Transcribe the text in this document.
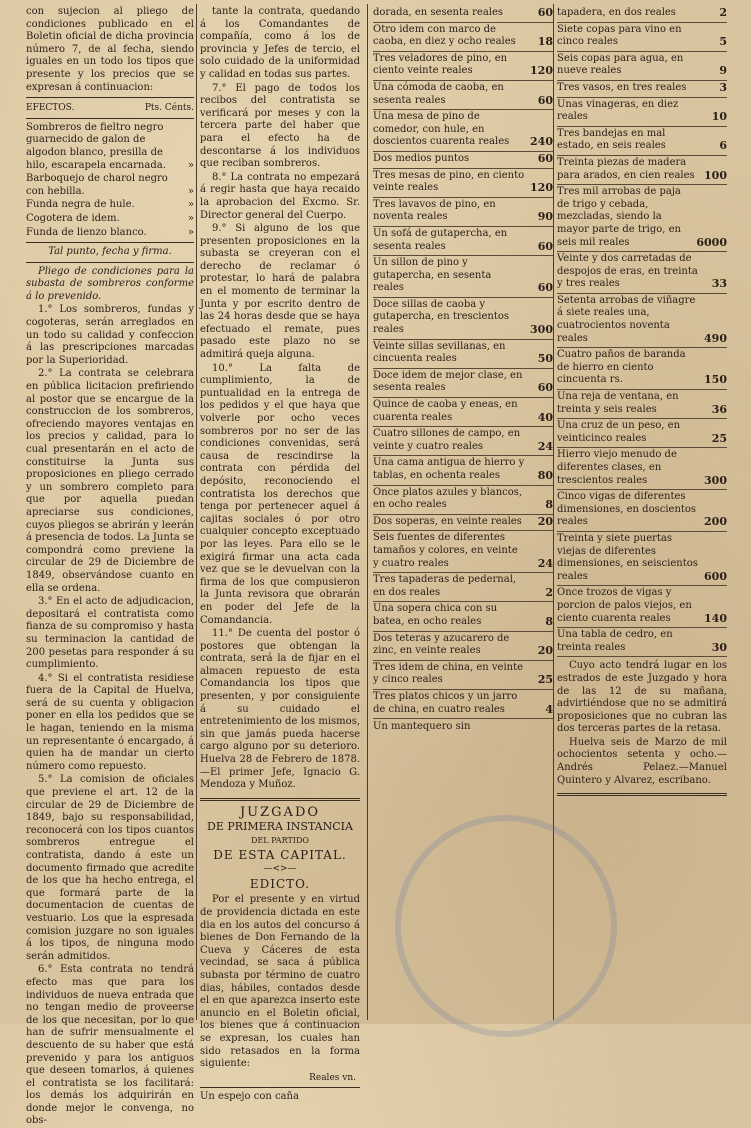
con sujecion al pliego de condiciones publicado en el Boletin oficial de dicha provincia número 7, de al fecha, siendo iguales en un todo los tipos que presente y los precios que se expresan á continuacion:

EFECTOS.	Pts. Cénts.
Sombreros de fieltro negro guarnecido de galon de algodon blanco, presilla de hilo, escarapela encarnada.	»
Barboquejo de charol negro con hebilla.	»
Funda negra de hule.	»
Cogotera de idem.	»
Funda de lienzo blanco.	»

Tal punto, fecha y firma.

Pliego de condiciones para la subasta de sombreros conforme á lo prevenido.

1.° Los sombreros, fundas y cogoteras, serán arreglados en un todo su calidad y confeccion á las prescripciones marcadas por la Superioridad.

2.° La contrata se celebrara en pública licitacion prefiriendo al postor que se encargue de la construccion de los sombreros, ofreciendo mayores ventajas en los precios y calidad, para lo cual presentarán en el acto de constituirse la Junta sus proposiciones en pliego cerrado y un sombrero completo para que por aquella puedan apreciarse sus condiciones, cuyos pliegos se abrirán y leerán á presencia de todos. La Junta se compondrá como previene la circular de 29 de Diciembre de 1849, observándose cuanto en ella se ordena.

3.° En el acto de adjudicacion, depositará el contratista como fianza de su compromiso y hasta su terminacion la cantidad de 200 pesetas para responder á su cumplimiento.

4.° Si el contratista residiese fuera de la Capital de Huelva, será de su cuenta y obligacion poner en ella los pedidos que se le hagan, teniendo en la misma un representante ó encargado, á quien ha de mandar un cierto número como repuesto.

5.° La comision de oficiales que previene el art. 12 de la circular de 29 de Diciembre de 1849, bajo su responsabilidad, reconocerá con los tipos cuantos sombreros entregue el contratista, dando á este un documento firmado que acredite de los que ha hecho entrega, el que formará parte de la documentacion de cuentas de vestuario. Los que la espresada comision juzgare no son iguales á los tipos, de ninguna modo serán admitidos.

6.° Esta contrata no tendrá efecto mas que para los individuos de nueva entrada que no tengan medio de proveerse de los que necesitan, por lo que han de sufrir mensualmente el descuento de su haber que está prevenido y para los antiguos que deseen tomarlos, á quienes el contratista se los facilitará: los demás los adquirirán en donde mejor le convenga, no obs-

tante la contrata, quedando á los Comandantes de compañía, como á los de provincia y Jefes de tercio, el solo cuidado de la uniformidad y calidad en todas sus partes.

7.° El pago de todos los recibos del contratista se verificará por meses y con la tercera parte del haber que para el efecto ha de descontarse á los individuos que reciban sombreros.

8.° La contrata no empezará á regir hasta que haya recaido la aprobacion del Excmo. Sr. Director general del Cuerpo.

9.° Si alguno de los que presenten proposiciones en la subasta se creyeran con el derecho de reclamar ó protestar, lo hará de palabra en el momento de terminar la Junta y por escrito dentro de las 24 horas desde que se haya efectuado el remate, pues pasado este plazo no se admitirá queja alguna.

10.° La falta de cumplimiento, la de puntualidad en la entrega de los pedidos y el que haya que volverle por ocho veces sombreros por no ser de las condiciones convenidas, será causa de rescindirse la contrata con pérdida del depósito, reconociendo el contratista los derechos que tenga por pertenecer aquel á cajitas sociales ó por otro cualquier concepto exceptuado por las leyes. Para ello se le exigirá firmar una acta cada vez que se le devuelvan con la firma de los que compusieron la Junta revisora que obrarán en poder del Jefe de la Comandancia.

11.° De cuenta del postor ó postores que obtengan la contrata, será la de fijar en el almacen repuesto de esta Comandancia los tipos que presenten, y por consiguiente á su cuidado el entretenimiento de los mismos, sin que jamás pueda hacerse cargo alguno por su deterioro. Huelva 28 de Febrero de 1878.—El primer Jefe, Ignacio G. Mendoza y Muñoz.

JUZGADO
DE PRIMERA INSTANCIA
DEL PARTIDO
DE ESTA CAPITAL.
—<>—
EDICTO.

Por el presente y en virtud de providencia dictada en este dia en los autos del concurso á bienes de Don Fernando de la Cueva y Cáceres de esta vecindad, se saca á pública subasta por término de cuatro dias, hábiles, contados desde el en que aparezca inserto este anuncio en el Boletin oficial, los bienes que á continuacion se expresan, los cuales han sido retasados en la forma siguiente:

Reales vn.

Un espejo con caña

dorada, en sesenta reales	60
Otro idem con marco de caoba, en diez y ocho reales	18
Tres veladores de pino, en ciento veinte reales	120
Una cómoda de caoba, en sesenta reales	60
Una mesa de pino de comedor, con hule, en doscientos cuarenta reales	240
Dos medios puntos	60
Tres mesas de pino, en ciento veinte reales	120
Tres lavavos de pino, en noventa reales	90
Un sofá de gutapercha, en sesenta reales	60
Un sillon de pino y gutapercha, en sesenta reales	60
Doce sillas de caoba y gutapercha, en trescientos reales	300
Veinte sillas sevillanas, en cincuenta reales	50
Doce idem de mejor clase, en sesenta reales	60
Quince de caoba y eneas, en cuarenta reales	40
Cuatro sillones de campo, en veinte y cuatro reales	24
Una cama antigua de hierro y tablas, en ochenta reales	80
Once platos azules y blancos, en ocho reales	8
Dos soperas, en veinte reales	20
Seis fuentes de diferentes tamaños y colores, en veinte y cuatro reales	24
Tres tapaderas de pedernal, en dos reales	2
Una sopera chica con su batea, en ocho reales	8
Dos teteras y azucarero de zinc, en veinte reales	20
Tres idem de china, en veinte y cinco reales	25
Tres platos chicos y un jarro de china, en cuatro reales	4

Un mantequero sin

tapadera, en dos reales	2
Siete copas para vino en cinco reales	5
Seis copas para agua, en nueve reales	9
Tres vasos, en tres reales	3
Unas vinageras, en diez reales	10
Tres bandejas en mal estado, en seis reales	6
Treinta piezas de madera para arados, en cien reales 100
Tres mil arrobas de paja de trigo y cebada, mezcladas, siendo la mayor parte de trigo, en seis mil reales	6000
Veinte y dos carretadas de despojos de eras, en treinta y tres reales	33
Setenta arrobas de viñagre á siete reales una, cuatrocientos noventa reales	490
Cuatro paños de baranda de hierro en ciento cincuenta rs.	150
Una reja de ventana, en treinta y seis reales	36
Una cruz de un peso, en veinticinco reales	25
Hierro viejo menudo de diferentes clases, en trescientos reales	300
Cinco vigas de diferentes dimensiones, en doscientos reales	200
Treinta y siete puertas viejas de diferentes dimensiones, en seiscientos reales	600
Once trozos de vigas y porcion de palos viejos, en ciento cuarenta reales	140
Una tabla de cedro, en treinta reales	30

Cuyo acto tendrá lugar en los estrados de este Juzgado y hora de las 12 de su mañana, advirtiéndose que no se admitirá proposiciones que no cubran las dos terceras partes de la retasa.

Huelva seis de Marzo de mil ochocientos setenta y ocho.—Andrés Pelaez.—Manuel Quintero y Alvarez, escribano.
